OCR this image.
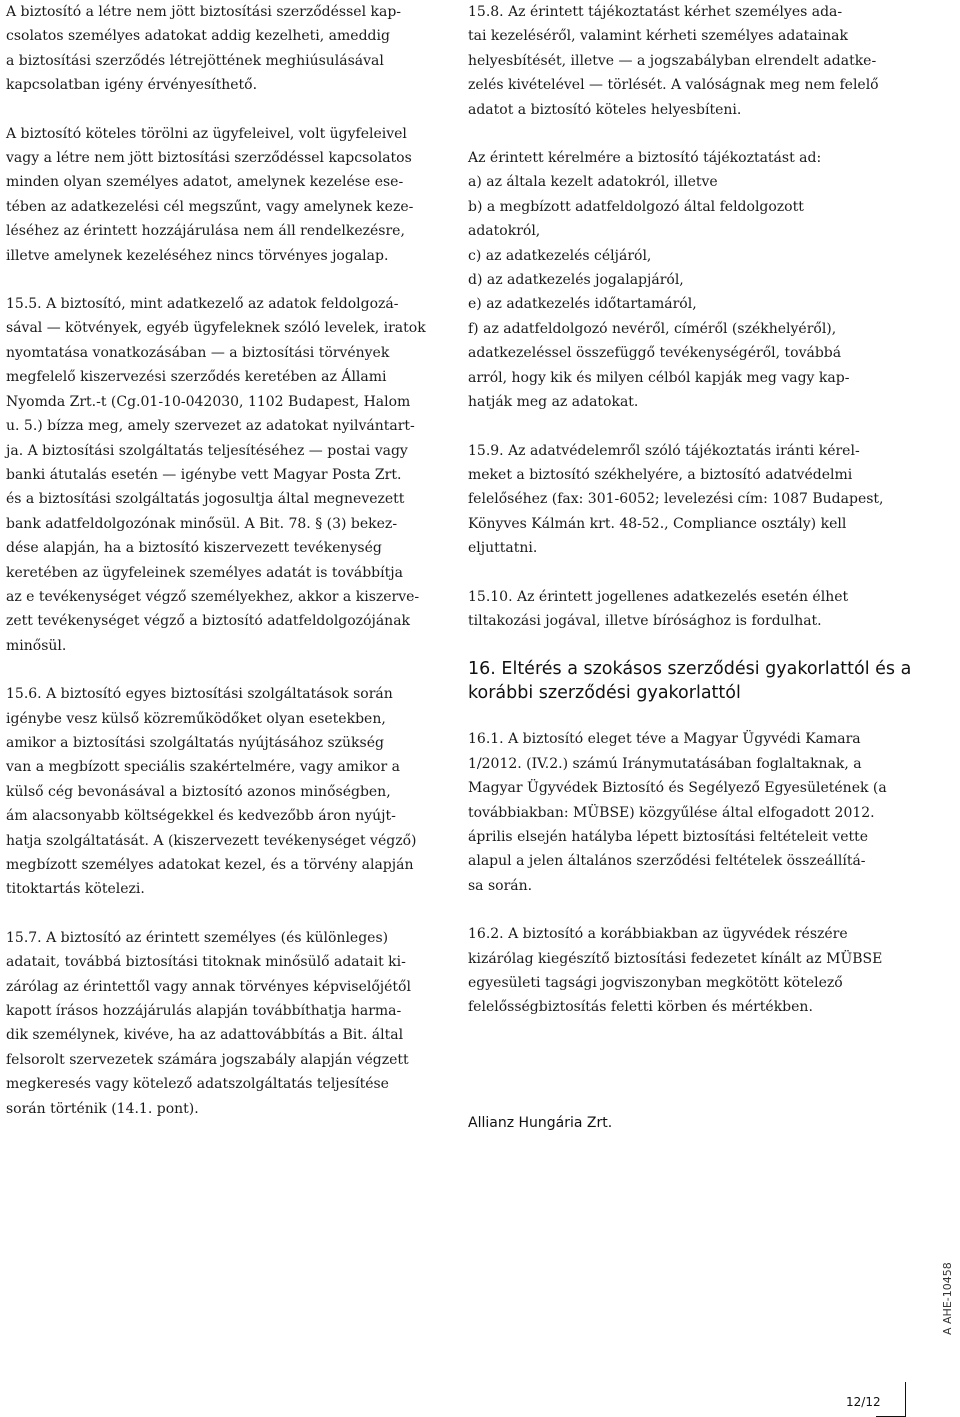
A biztosító a létre nem jött biztosítási szerződéssel kap-

csolatos személyes adatokat addig kezelheti, ameddig

a biztosítási szerződés létrejöttének meghiúsulásával

kapcsolatban igény érvényesíthető.

A biztosító köteles törölni az ügyfeleivel, volt ügyfeleivel

vagy a létre nem jött biztosítási szerződéssel kapcsolatos

minden olyan személyes adatot, amelynek kezelése ese-

tében az adatkezelési cél megszűnt, vagy amelynek keze-

léséhez az érintett hozzájárulása nem áll rendelkezésre,

illetve amelynek kezeléséhez nincs törvényes jogalap.

15.5. A biztosító, mint adatkezelő az adatok feldolgozá-

sával — kötvények, egyéb ügyfeleknek szóló levelek, iratok

nyomtatása vonatkozásában — a biztosítási törvények

megfelelő kiszervezési szerződés keretében az Állami

Nyomda Zrt.-t (Cg.01-10-042030, 1102 Budapest, Halom

u. 5.) bízza meg, amely szervezet az adatokat nyilvántart-

ja. A biztosítási szolgáltatás teljesítéséhez — postai vagy

banki átutalás esetén — igénybe vett Magyar Posta Zrt.

és a biztosítási szolgáltatás jogosultja által megnevezett

bank adatfeldolgozónak minősül. A Bit. 78. § (3) bekez-

dése alapján, ha a biztosító kiszervezett tevékenység

keretében az ügyfeleinek személyes adatát is továbbítja

az e tevékenységet végző személyekhez, akkor a kiszerve-

zett tevékenységet végző a biztosító adatfeldolgozójának

minősül.

15.6. A biztosító egyes biztosítási szolgáltatások során

igénybe vesz külső közreműködőket olyan esetekben,

amikor a biztosítási szolgáltatás nyújtásához szükség

van a megbízott speciális szakértelmére, vagy amikor a

külső cég bevonásával a biztosító azonos minőségben,

ám alacsonyabb költségekkel és kedvezőbb áron nyújt-

hatja szolgáltatását. A (kiszervezett tevékenységet végző)

megbízott személyes adatokat kezel, és a törvény alapján

titoktartás kötelezi.

15.7. A biztosító az érintett személyes (és különleges)

adatait, továbbá biztosítási titoknak minősülő adatait ki-

zárólag az érintettől vagy annak törvényes képviselőjétől

kapott írásos hozzájárulás alapján továbbíthatja harma-

dik személynek, kivéve, ha az adattovábbítás a Bit. által

felsorolt szervezetek számára jogszabály alapján végzett

megkeresés vagy kötelező adatszolgáltatás teljesítése

során történik (14.1. pont).

15.8. Az érintett tájékoztatást kérhet személyes ada-

tai kezeléséről, valamint kérheti személyes adatainak

helyesbítését, illetve — a jogszabályban elrendelt adatke-

zelés kivételével — törlését. A valóságnak meg nem felelő

adatot a biztosító köteles helyesbíteni.

Az érintett kérelmére a biztosító tájékoztatást ad:

a) az általa kezelt adatokról, illetve

b) a megbízott adatfeldolgozó által feldolgozott

adatokról,

c) az adatkezelés céljáról,

d) az adatkezelés jogalapjáról,

e) az adatkezelés időtartamáról,

f) az adatfeldolgozó nevéről, címéről (székhelyéről),

adatkezeléssel összefüggő tevékenységéről, továbbá

arról, hogy kik és milyen célból kapják meg vagy kap-

hatják meg az adatokat.

15.9. Az adatvédelemről szóló tájékoztatás iránti kérel-

meket a biztosító székhelyére, a biztosító adatvédelmi

felelőséhez (fax: 301-6052; levelezési cím: 1087 Budapest,

Könyves Kálmán krt. 48-52., Compliance osztály) kell

eljuttatni.

15.10. Az érintett jogellenes adatkezelés esetén élhet

tiltakozási jogával, illetve bírósághoz is fordulhat.

16. Eltérés a szokásos szerződési gyakorlattól és a

korábbi szerződési gyakorlattól

16.1. A biztosító eleget téve a Magyar Ügyvédi Kamara

1/2012. (IV.2.) számú Iránymutatásában foglaltaknak, a

Magyar Ügyvédek Biztosító és Segélyező Egyesületének (a

továbbiakban: MÜBSE) közgyűlése által elfogadott 2012.

április elsején hatályba lépett biztosítási feltételeit vette

alapul a jelen általános szerződési feltételek összeállítá-

sa során.

16.2. A biztosító a korábbiakban az ügyvédek részére

kizárólag kiegészítő biztosítási fedezetet kínált az MÜBSE

egyesületi tagsági jogviszonyban megkötött kötelező

felelősségbiztosítás feletti körben és mértékben.

Allianz Hungária Zrt.
A AHE-10458
12/12
